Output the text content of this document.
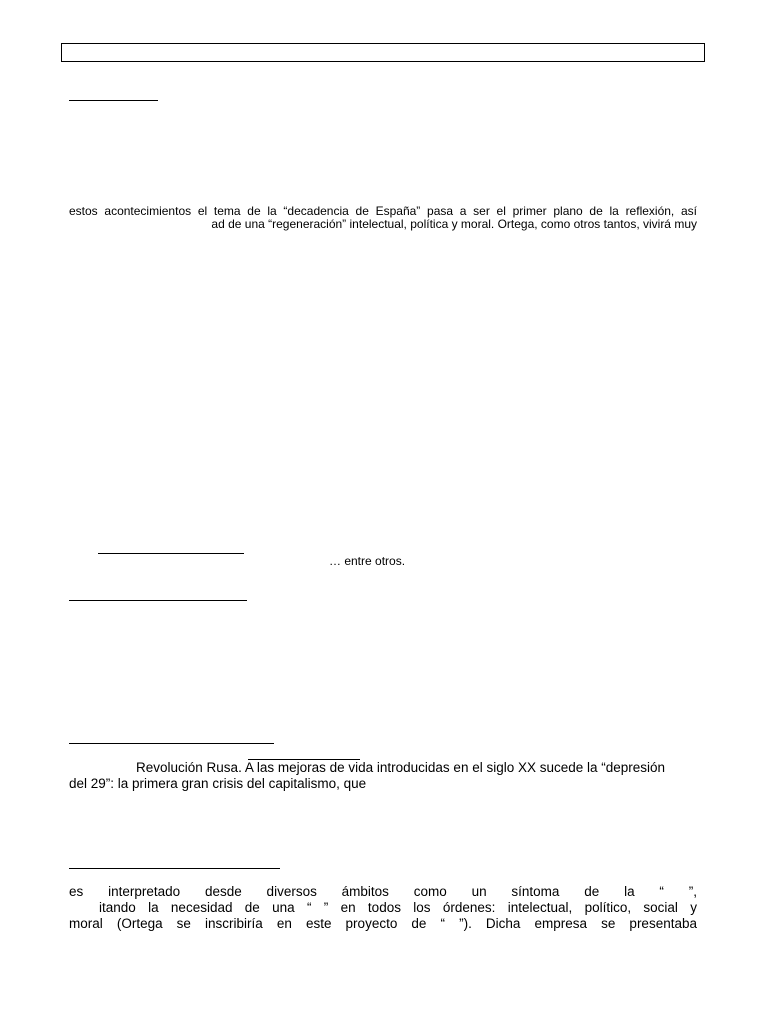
estos acontecimientos el tema de la “decadencia de España” pasa a ser el primer plano de la reflexión, así
ad de una “regeneración” intelectual, política y moral. Ortega, como otros tantos, vivirá muy
… entre otros.
Revolución Rusa. A las mejoras de vida introducidas en el siglo XX sucede la “depresión
del 29”: la primera gran crisis del capitalismo, que
es interpretado desde diversos ámbitos como un síntoma de la “ ”,
itando la necesidad de una “ ” en todos los órdenes: intelectual, político, social y
moral (Ortega se inscribiría en este proyecto de “ ”). Dicha empresa se presentaba
